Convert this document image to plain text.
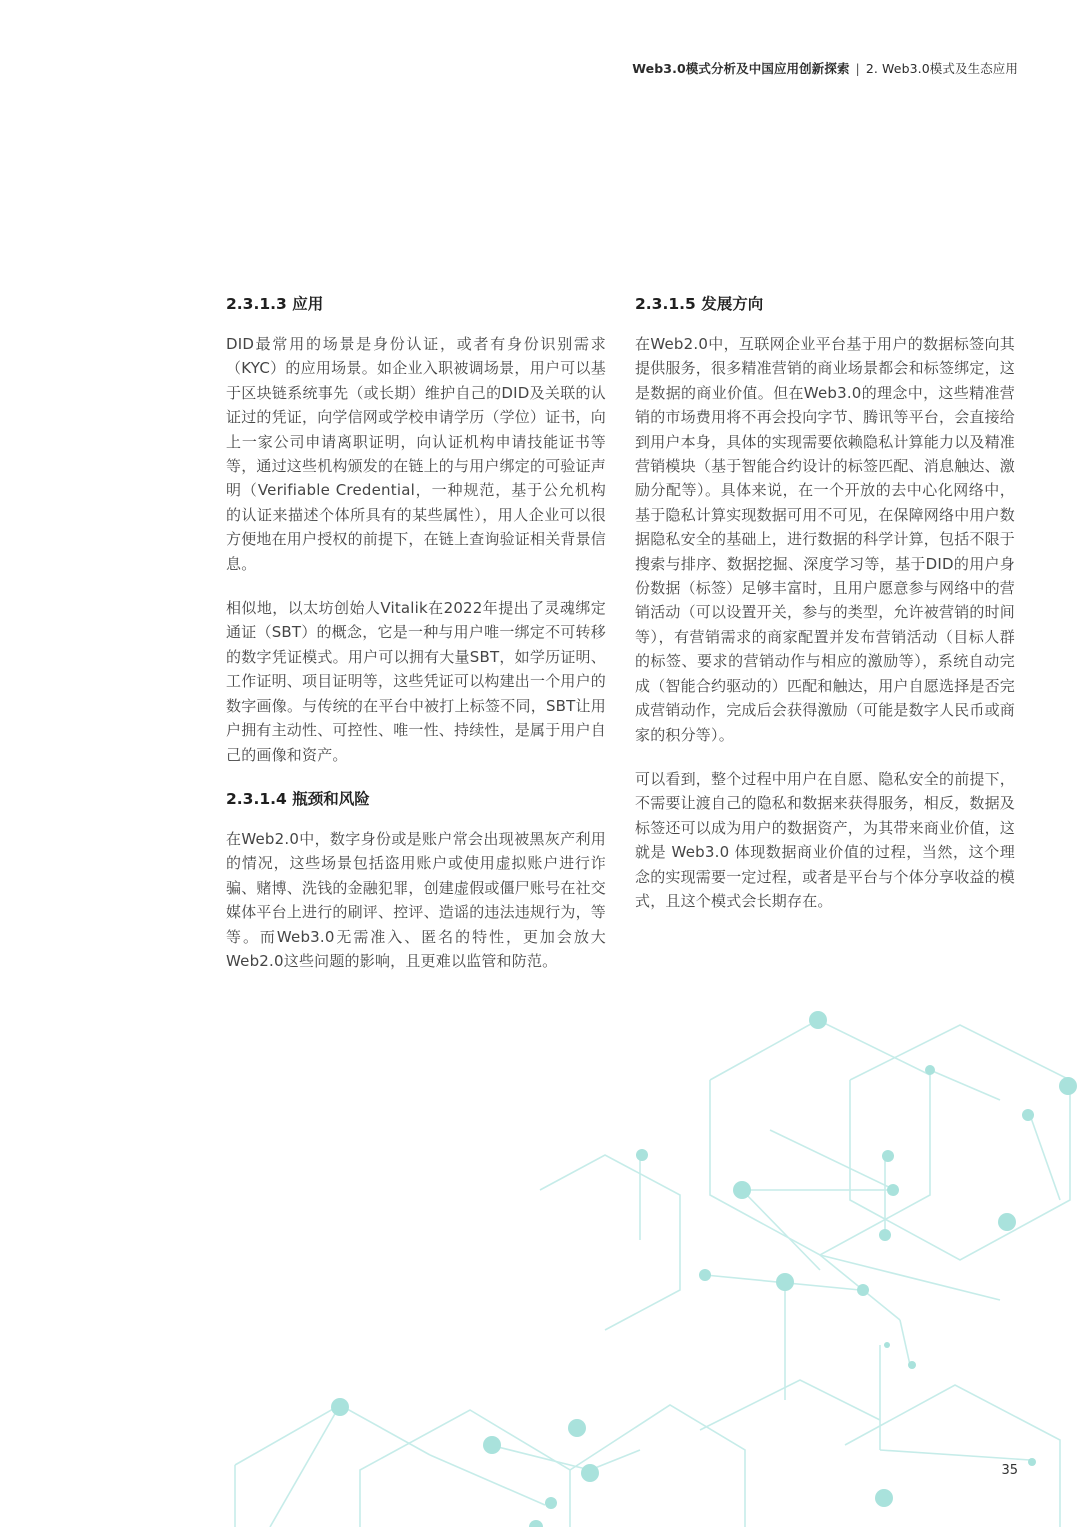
Web3.0模式分析及中国应用创新探索 | 2. Web3.0模式及生态应用
2.3.1.3 应用

DID最常用的场景是身份认证，或者有身份识别需求（KYC）的应用场景。如企业入职被调场景，用户可以基于区块链系统事先（或长期）维护自己的DID及关联的认证过的凭证，向学信网或学校申请学历（学位）证书，向上一家公司申请离职证明，向认证机构申请技能证书等等，通过这些机构颁发的在链上的与用户绑定的可验证声明（Verifiable Credential，一种规范，基于公允机构的认证来描述个体所具有的某些属性），用人企业可以很方便地在用户授权的前提下，在链上查询验证相关背景信息。

相似地，以太坊创始人Vitalik在2022年提出了灵魂绑定通证（SBT）的概念，它是一种与用户唯一绑定不可转移的数字凭证模式。用户可以拥有大量SBT，如学历证明、工作证明、项目证明等，这些凭证可以构建出一个用户的数字画像。与传统的在平台中被打上标签不同，SBT让用户拥有主动性、可控性、唯一性、持续性，是属于用户自己的画像和资产。

2.3.1.4 瓶颈和风险

在Web2.0中，数字身份或是账户常会出现被黑灰产利用的情况，这些场景包括盗用账户或使用虚拟账户进行诈骗、赌博、洗钱的金融犯罪，创建虚假或僵尸账号在社交媒体平台上进行的刷评、控评、造谣的违法违规行为，等等。而Web3.0无需准入、匿名的特性，更加会放大Web2.0这些问题的影响，且更难以监管和防范。

2.3.1.5 发展方向

在Web2.0中，互联网企业平台基于用户的数据标签向其提供服务，很多精准营销的商业场景都会和标签绑定，这是数据的商业价值。但在Web3.0的理念中，这些精准营销的市场费用将不再会投向字节、腾讯等平台，会直接给到用户本身，具体的实现需要依赖隐私计算能力以及精准营销模块（基于智能合约设计的标签匹配、消息触达、激励分配等）。具体来说，在一个开放的去中心化网络中，基于隐私计算实现数据可用不可见，在保障网络中用户数据隐私安全的基础上，进行数据的科学计算，包括不限于搜索与排序、数据挖掘、深度学习等，基于DID的用户身份数据（标签）足够丰富时，且用户愿意参与网络中的营销活动（可以设置开关，参与的类型，允许被营销的时间等），有营销需求的商家配置并发布营销活动（目标人群的标签、要求的营销动作与相应的激励等），系统自动完成（智能合约驱动的）匹配和触达，用户自愿选择是否完成营销动作，完成后会获得激励（可能是数字人民币或商家的积分等）。

可以看到，整个过程中用户在自愿、隐私安全的前提下，不需要让渡自己的隐私和数据来获得服务，相反，数据及标签还可以成为用户的数据资产，为其带来商业价值，这就是 Web3.0 体现数据商业价值的过程，当然，这个理念的实现需要一定过程，或者是平台与个体分享收益的模式，且这个模式会长期存在。

35
